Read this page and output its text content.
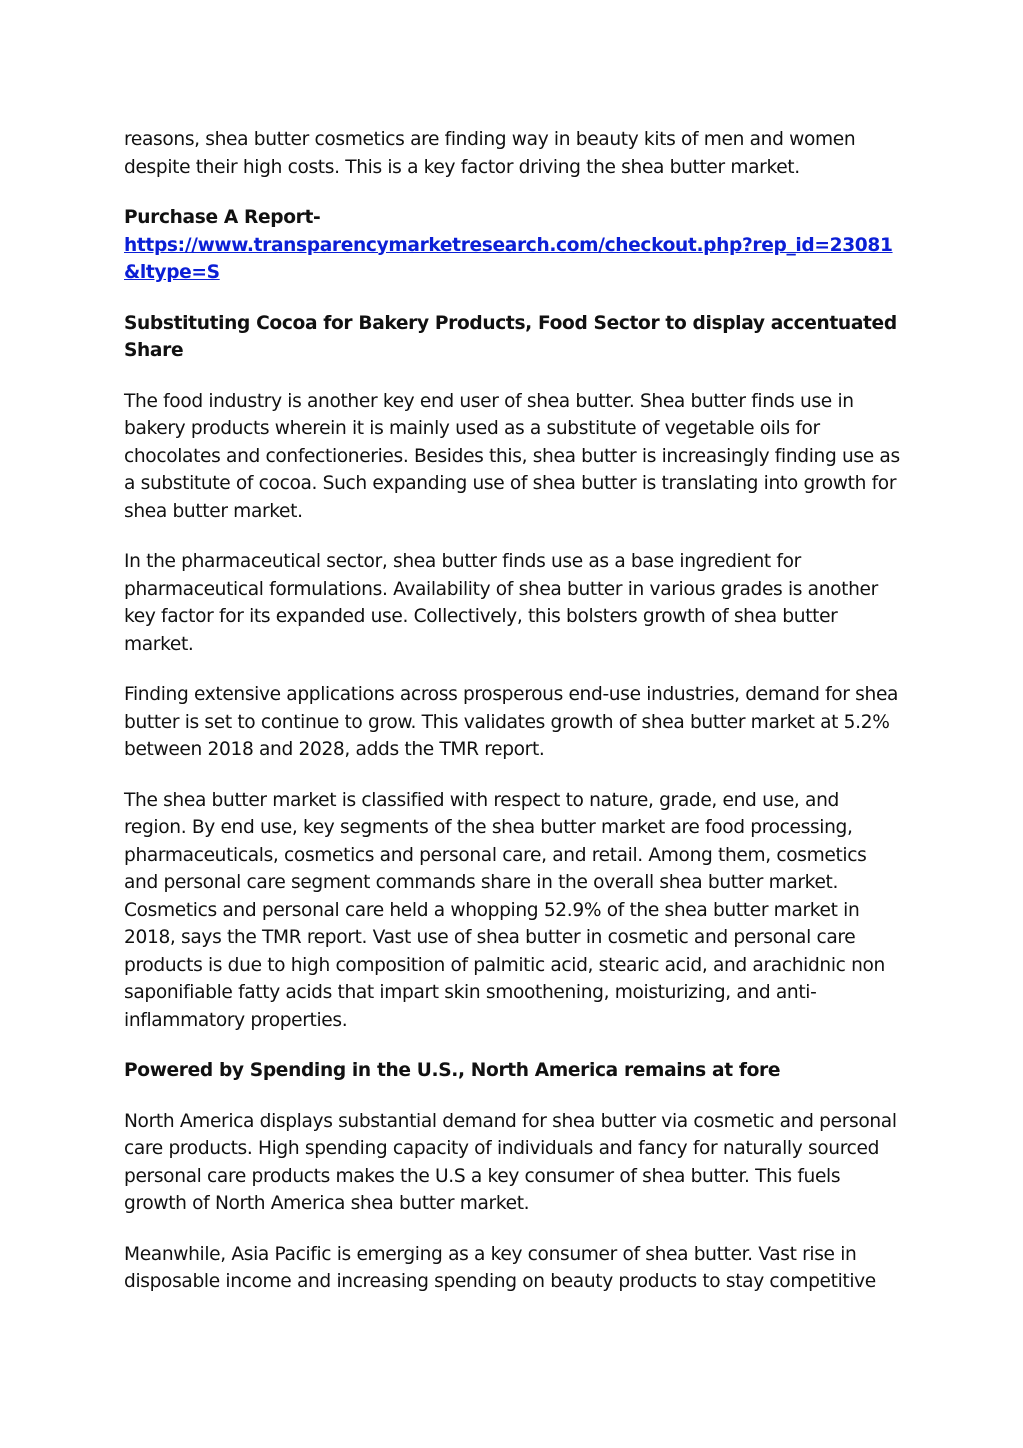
reasons, shea butter cosmetics are finding way in beauty kits of men and women despite their high costs. This is a key factor driving the shea butter market.

Purchase A Report-
https://www.transparencymarketresearch.com/checkout.php?rep_id=23081&ltype=S

Substituting Cocoa for Bakery Products, Food Sector to display accentuated Share

The food industry is another key end user of shea butter. Shea butter finds use in bakery products wherein it is mainly used as a substitute of vegetable oils for chocolates and confectioneries. Besides this, shea butter is increasingly finding use as a substitute of cocoa. Such expanding use of shea butter is translating into growth for shea butter market.

In the pharmaceutical sector, shea butter finds use as a base ingredient for pharmaceutical formulations. Availability of shea butter in various grades is another key factor for its expanded use. Collectively, this bolsters growth of shea butter market.

Finding extensive applications across prosperous end-use industries, demand for shea butter is set to continue to grow. This validates growth of shea butter market at 5.2% between 2018 and 2028, adds the TMR report.

The shea butter market is classified with respect to nature, grade, end use, and region. By end use, key segments of the shea butter market are food processing, pharmaceuticals, cosmetics and personal care, and retail. Among them, cosmetics and personal care segment commands share in the overall shea butter market. Cosmetics and personal care held a whopping 52.9% of the shea butter market in 2018, says the TMR report. Vast use of shea butter in cosmetic and personal care products is due to high composition of palmitic acid, stearic acid, and arachidnic non saponifiable fatty acids that impart skin smoothening, moisturizing, and anti-inflammatory properties.

Powered by Spending in the U.S., North America remains at fore

North America displays substantial demand for shea butter via cosmetic and personal care products. High spending capacity of individuals and fancy for naturally sourced personal care products makes the U.S a key consumer of shea butter. This fuels growth of North America shea butter market.

Meanwhile, Asia Pacific is emerging as a key consumer of shea butter. Vast rise in disposable income and increasing spending on beauty products to stay competitive
